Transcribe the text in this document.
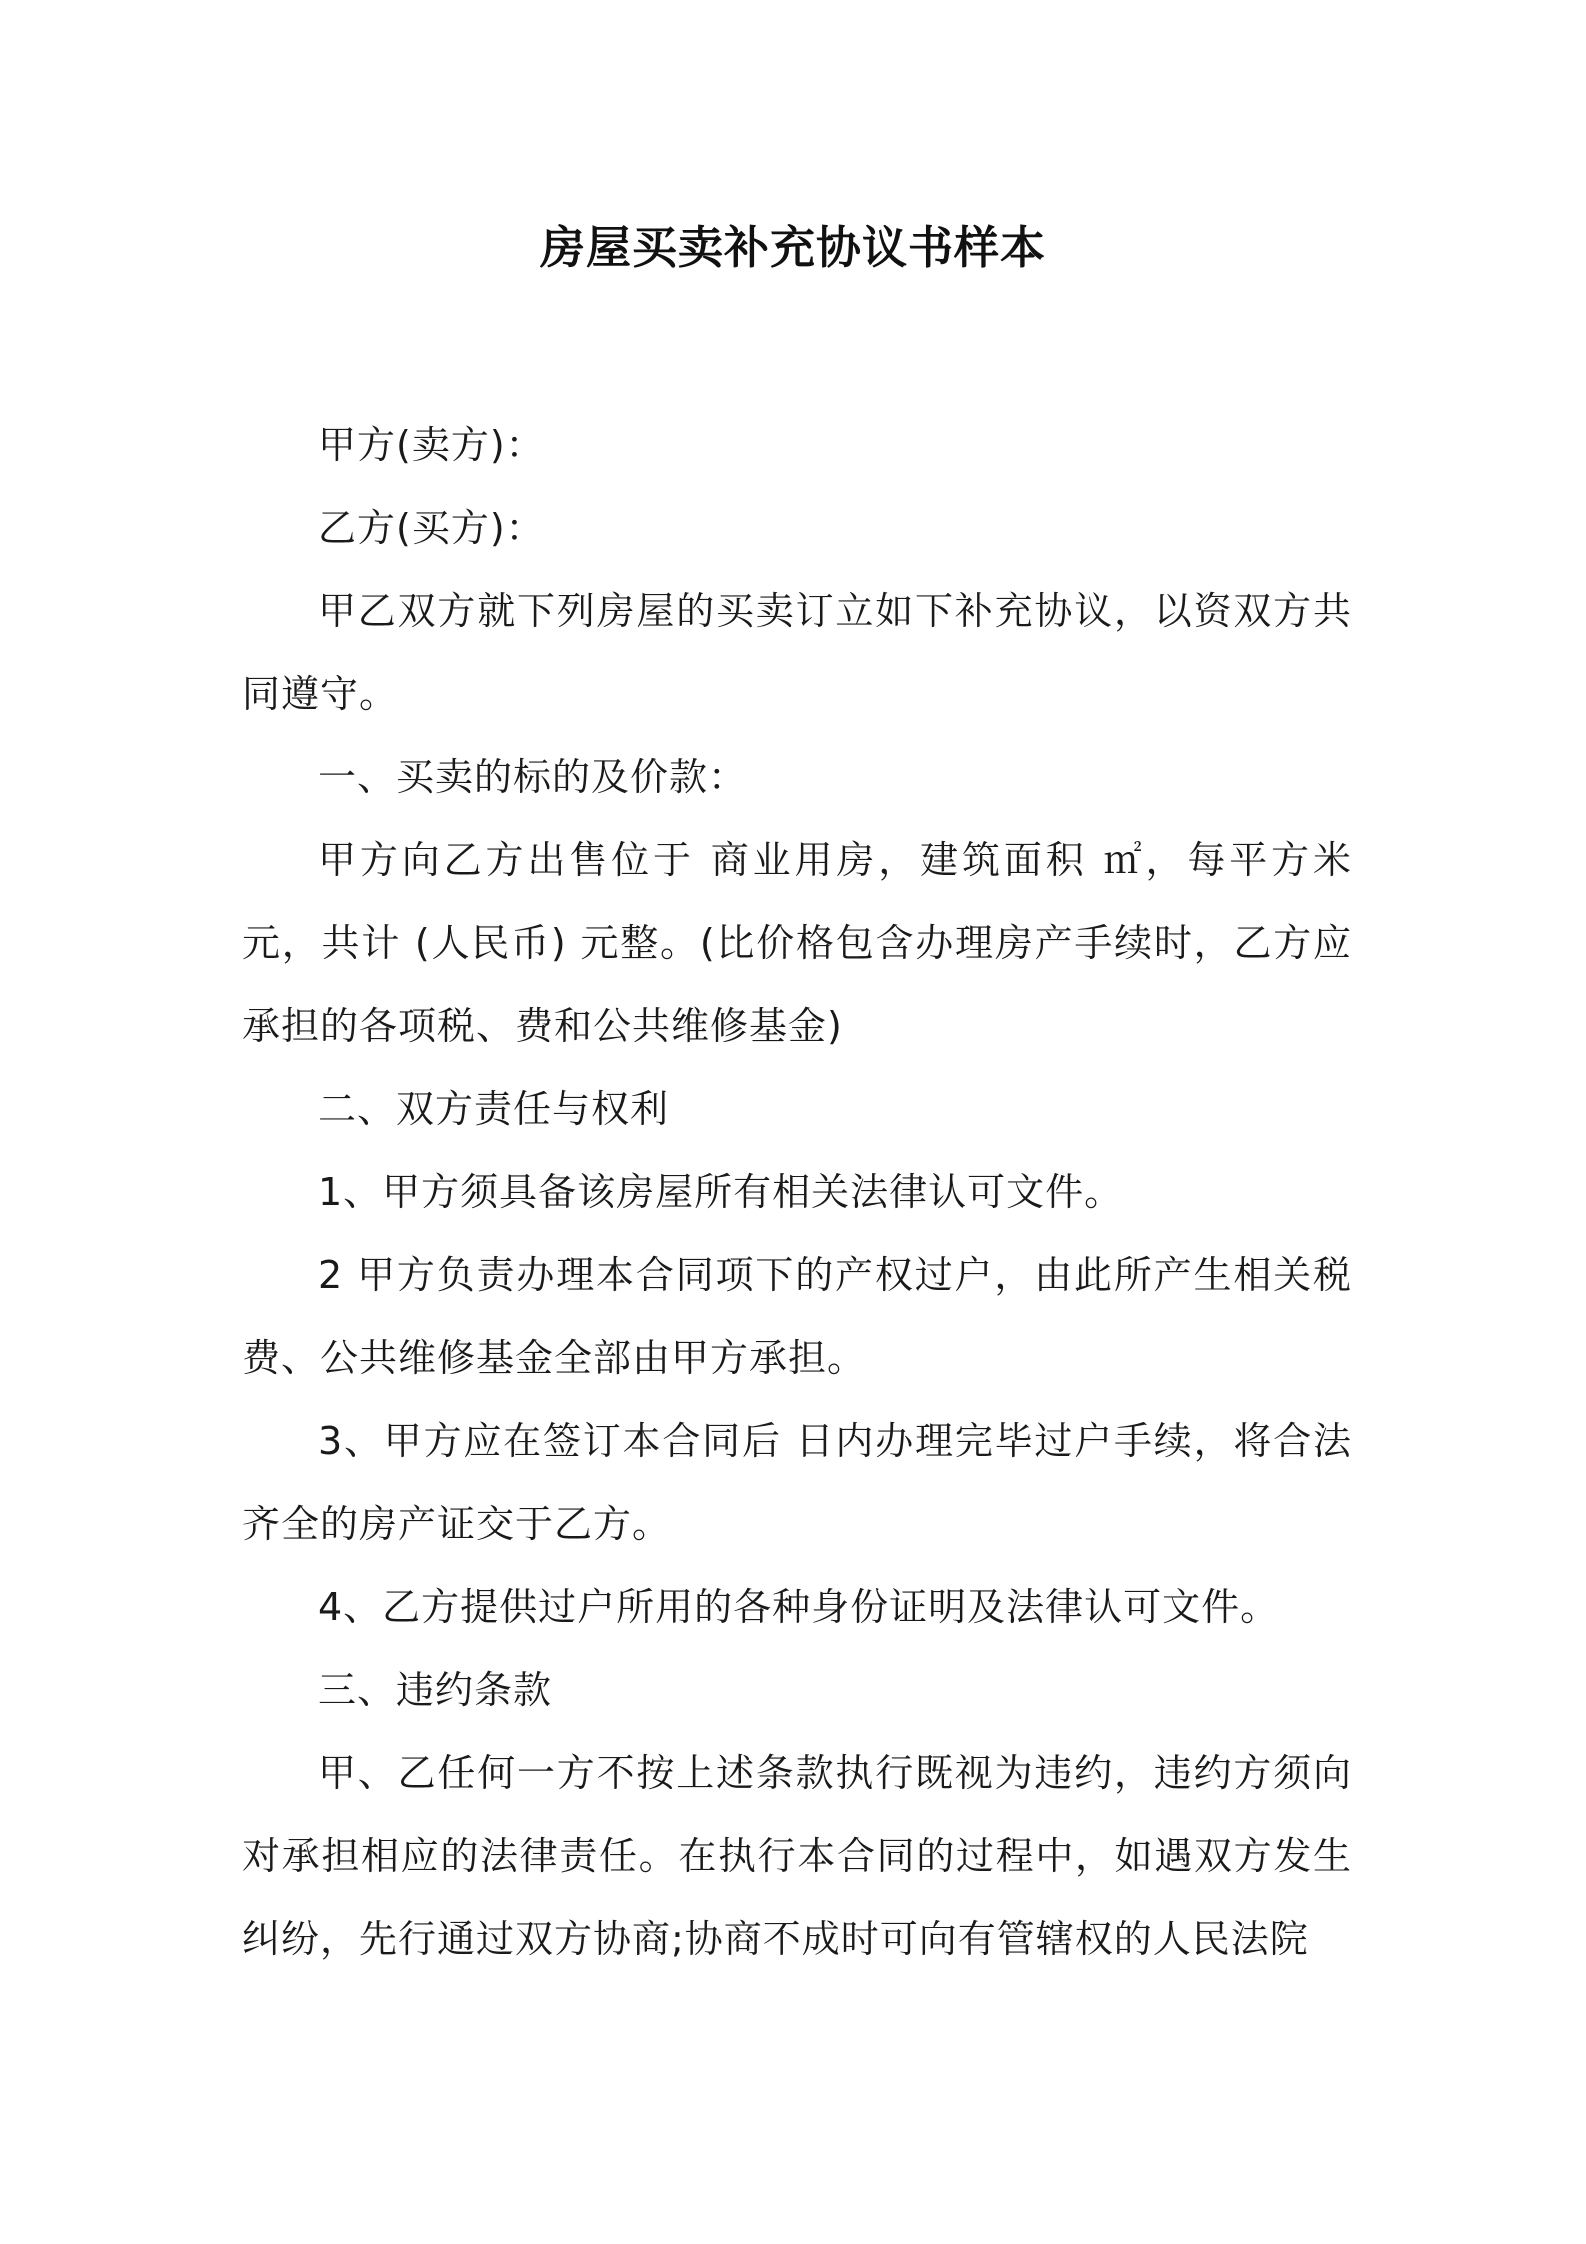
房屋买卖补充协议书样本

甲方(卖方)：

乙方(买方)：

甲乙双方就下列房屋的买卖订立如下补充协议，以资双方共同遵守。

一、买卖的标的及价款：

甲方向乙方出售位于 商业用房，建筑面积 ㎡，每平方米 元，共计 (人民币) 元整。(比价格包含办理房产手续时，乙方应承担的各项税、费和公共维修基金)

二、双方责任与权利

1、甲方须具备该房屋所有相关法律认可文件。

2 甲方负责办理本合同项下的产权过户，由此所产生相关税费、公共维修基金全部由甲方承担。

3、甲方应在签订本合同后 日内办理完毕过户手续，将合法齐全的房产证交于乙方。

4、乙方提供过户所用的各种身份证明及法律认可文件。

三、违约条款

甲、乙任何一方不按上述条款执行既视为违约，违约方须向对承担相应的法律责任。在执行本合同的过程中，如遇双方发生纠纷，先行通过双方协商;协商不成时可向有管辖权的人民法院
